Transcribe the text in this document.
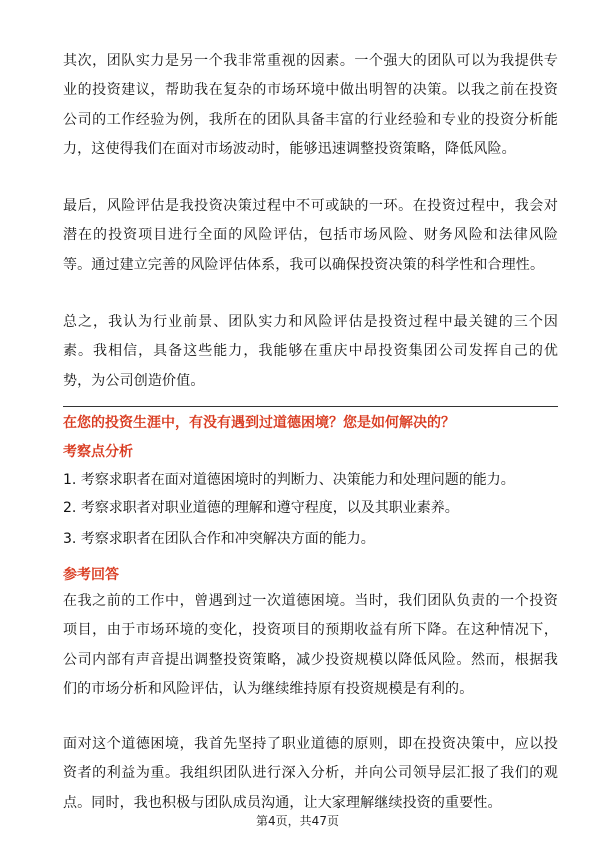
其次，团队实力是另一个我非常重视的因素。一个强大的团队可以为我提供专业的投资建议，帮助我在复杂的市场环境中做出明智的决策。以我之前在投资公司的工作经验为例，我所在的团队具备丰富的行业经验和专业的投资分析能力，这使得我们在面对市场波动时，能够迅速调整投资策略，降低风险。

最后，风险评估是我投资决策过程中不可或缺的一环。在投资过程中，我会对潜在的投资项目进行全面的风险评估，包括市场风险、财务风险和法律风险等。通过建立完善的风险评估体系，我可以确保投资决策的科学性和合理性。

总之，我认为行业前景、团队实力和风险评估是投资过程中最关键的三个因素。我相信，具备这些能力，我能够在重庆中昂投资集团公司发挥自己的优势，为公司创造价值。

在您的投资生涯中，有没有遇到过道德困境？您是如何解决的？
考察点分析
1. 考察求职者在面对道德困境时的判断力、决策能力和处理问题的能力。
2. 考察求职者对职业道德的理解和遵守程度，以及其职业素养。
3. 考察求职者在团队合作和冲突解决方面的能力。
参考回答

在我之前的工作中，曾遇到过一次道德困境。当时，我们团队负责的一个投资项目，由于市场环境的变化，投资项目的预期收益有所下降。在这种情况下，公司内部有声音提出调整投资策略，减少投资规模以降低风险。然而，根据我们的市场分析和风险评估，认为继续维持原有投资规模是有利的。

面对这个道德困境，我首先坚持了职业道德的原则，即在投资决策中，应以投资者的利益为重。我组织团队进行深入分析，并向公司领导层汇报了我们的观点。同时，我也积极与团队成员沟通，让大家理解继续投资的重要性。

第4页，共47页
